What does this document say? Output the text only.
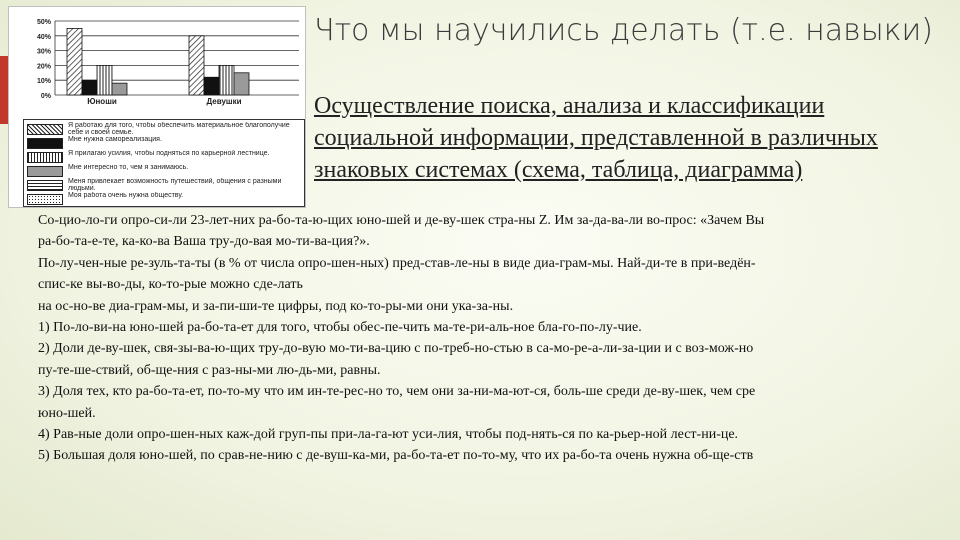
50%
40%
30%
20%
10%
0%
Юноши	Девушки
Я работаю для того, чтобы обеспечить материальное благополучие себе и своей семье.
Мне нужна самореализация.
Я прилагаю усилия, чтобы подняться по карьерной лестнице.
Мне интересно то, чем я занимаюсь.
Меня привлекает возможность путешествий, общения с разными людьми.
Моя работа очень нужна обществу.
Что мы научились делать (т.е. навыки)

Осуществление поиска, анализа и классификации социальной информации, представленной в различных знаковых системах (схема, таблица, диаграмма)

Со-цио-ло-ги опро-си-ли 23-лет-них ра-бо-та-ю-щих юно-шей и де-ву-шек стра-ны Z. Им за-да-ва-ли во-прос: «Зачем Вы
ра-бо-та-е-те, ка-ко-ва Ваша тру-до-вая мо-ти-ва-ция?».
По-лу-чен-ные ре-зуль-та-ты (в % от числа опро-шен-ных) пред-став-ле-ны в виде диа-грам-мы. Най-ди-те в при-ведён-
спис-ке вы-во-ды, ко-то-рые можно сде-лать
на ос-но-ве диа-грам-мы, и за-пи-ши-те цифры, под ко-то-ры-ми они ука-за-ны.
1) По-ло-ви-на юно-шей ра-бо-та-ет для того, чтобы обес-пе-чить ма-те-ри-аль-ное бла-го-по-лу-чие.
2) Доли де-ву-шек, свя-зы-ва-ю-щих тру-до-вую мо-ти-ва-цию с по-треб-но-стью в са-мо-ре-а-ли-за-ции и с воз-мож-но
пу-те-ше-ствий, об-ще-ния с раз-ны-ми лю-дь-ми, равны.
3) Доля тех, кто ра-бо-та-ет, по-то-му что им ин-те-рес-но то, чем они за-ни-ма-ют-ся, боль-ше среди де-ву-шек, чем сре
юно-шей.
4) Рав-ные доли опро-шен-ных каж-дой груп-пы при-ла-га-ют уси-лия, чтобы под-нять-ся по ка-рьер-ной лест-ни-це.
5) Большая доля юно-шей, по срав-не-нию с де-вуш-ка-ми, ра-бо-та-ет по-то-му, что их ра-бо-та очень нужна об-ще-ств
